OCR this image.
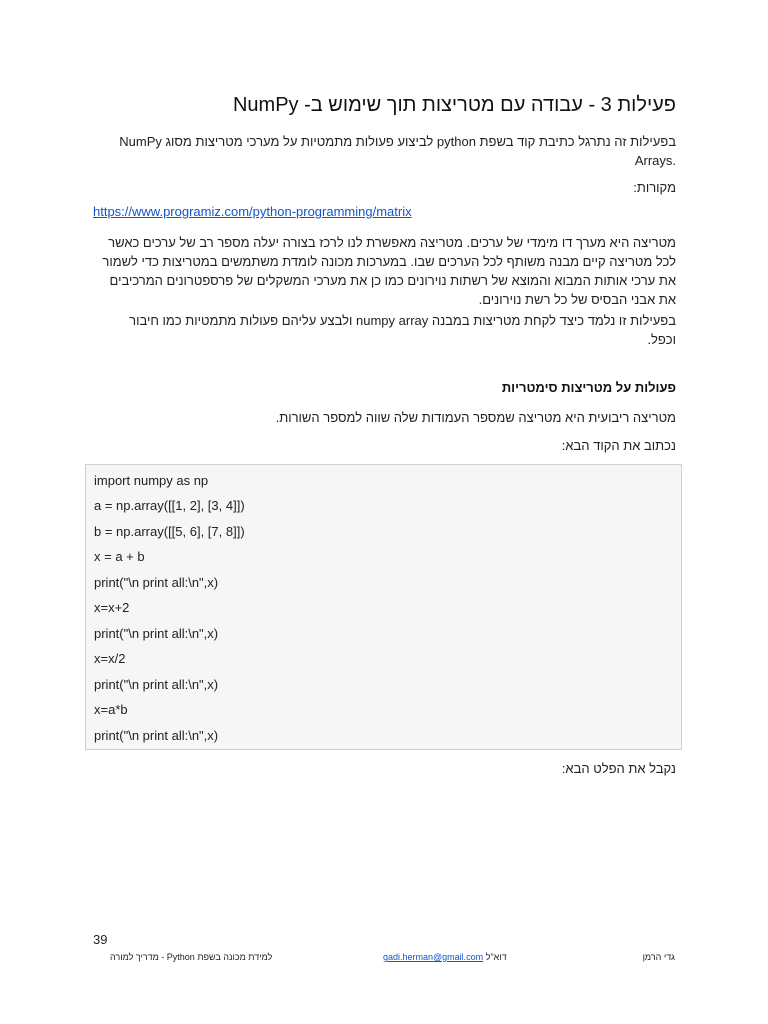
פעילות 3 - עבודה עם מטריצות תוך שימוש ב- NumPy
בפעילות זה נתרגל כתיבת קוד בשפת python לביצוע פעולות מתמטיות על מערכי מטריצות מסוג NumPy
.Arrays
מקורות:
https://www.programiz.com/python-programming/matrix
מטריצה היא מערך דו מימדי של ערכים. מטריצה מאפשרת לנו לרכז בצורה יעלה מספר רב של ערכים כאשר
לכל מטריצה קיים מבנה משותף לכל הערכים שבו. במערכות מכונה לומדת משתמשים במטריצות כדי לשמור
את ערכי אותות המבוא והמוצא של רשתות נוירונים כמו כן את מערכי המשקלים של פרספטרונים המרכיבים
את אבני הבסיס של כל רשת נוירונים.
בפעילות זו נלמד כיצד לקחת מטריצות במבנה numpy array ולבצע עליהם פעולות מתמטיות כמו חיבור
וכפל.
פעולות על מטריצות סימטריות
מטריצה ריבועית היא מטריצה שמספר העמודות שלה שווה למספר השורות.
נכתוב את הקוד הבא:
import numpy as np
a = np.array([[1, 2], [3, 4]])
b = np.array([[5, 6], [7, 8]])
x = a + b
print("\n print all:\n",x)
x=x+2
print("\n print all:\n",x)
x=x/2
print("\n print all:\n",x)
x=a*b
print("\n print all:\n",x)
נקבל את הפלט הבא:
39
גדי הרמן
דוא"ל gadi.herman@gmail.com
למידת מכונה בשפת Python - מדריך למורה
